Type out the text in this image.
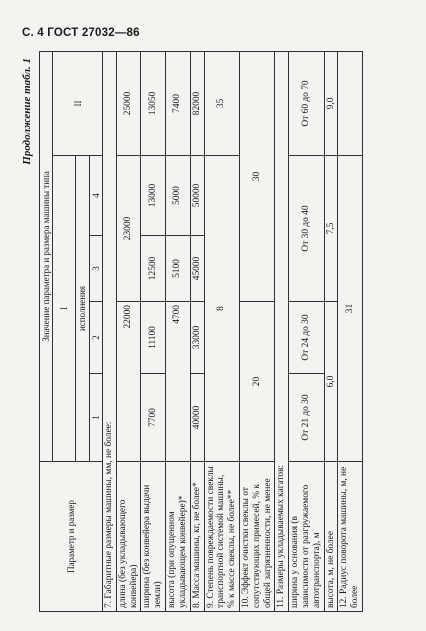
С. 4 ГОСТ 27032—86
Продолжение табл. 1
Параметр и размер	Значение параметра и размера машины типа				
	I				II
	исполнения				
	1	2	3	4	
7. Габаритные размеры машины, мм, не более:					
длина (без укладывающего конвейера)	22000		23000		25000
ширина (без конвейера выдачи земли)	7700	11100	12500	13000	13050
высота (при опущенном укладывающем конвейере)*	4700		5100	5000	7400
8. Масса машины, кг, не более*	40000	33000	45000	50000	82000
9. Степень повреждаемости свеклы транспортной системой машины, % к массе свеклы, не более**	8				35
10. Эффект очистки свеклы от сопутствующих примесей, % к общей загрязненности, не менее	20		30		
11. Размеры укладываемых кагатов:					
ширина у основания (в зависимости от разгружаемого автотранспорта), м	От 21 до 30	От 24 до 30	От 30 до 40		От 60 до 70
высота, м, не более	6,0		7,5		9,0
12. Радиус поворота машины, м, не более	31				
